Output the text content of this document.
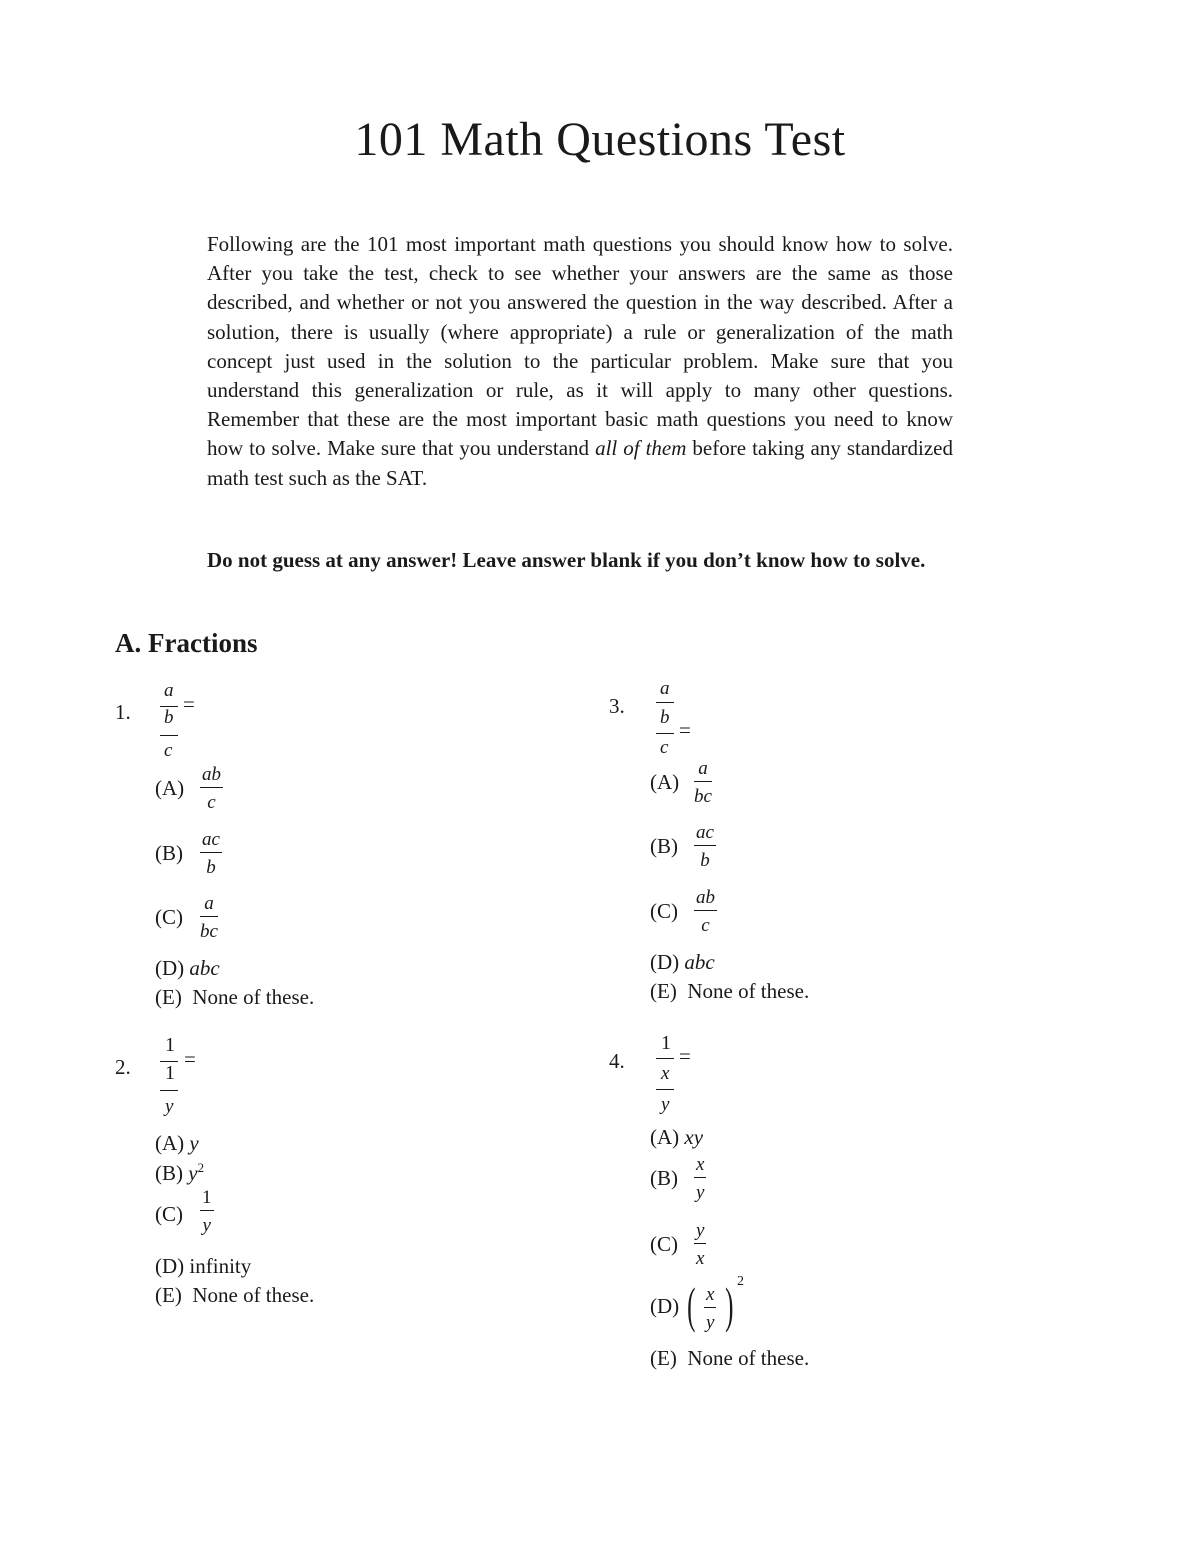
101 Math Questions Test
Following are the 101 most important math questions you should know how to solve. After you take the test, check to see whether your answers are the same as those described, and whether or not you answered the question in the way described. After a solution, there is usually (where appropriate) a rule or generalization of the math concept just used in the solution to the particular problem. Make sure that you understand this generalization or rule, as it will apply to many other questions. Remember that these are the most important basic math questions you need to know how to solve. Make sure that you understand all of them before taking any standardized math test such as the SAT.
Do not guess at any answer! Leave answer blank if you don’t know how to solve.
A. Fractions
1.
a
b
=
c
(A)
ab
c
(B)
ac
b
(C)
a
bc
(D) abc
(E) None of these.
2.
1
1
=
y
(A) y
(B) $y^2$
(C)
1
y
(D) infinity
(E) None of these.
3.
a
b
=
c
(A)
a
bc
(B)
ac
b
(C)
ab
c
(D) abc
(E) None of these.
4.
1
=
x
y
(A) xy
(B)
x
y
(C)
y
x
(D) ( x
y ) 2
(E) None of these.
